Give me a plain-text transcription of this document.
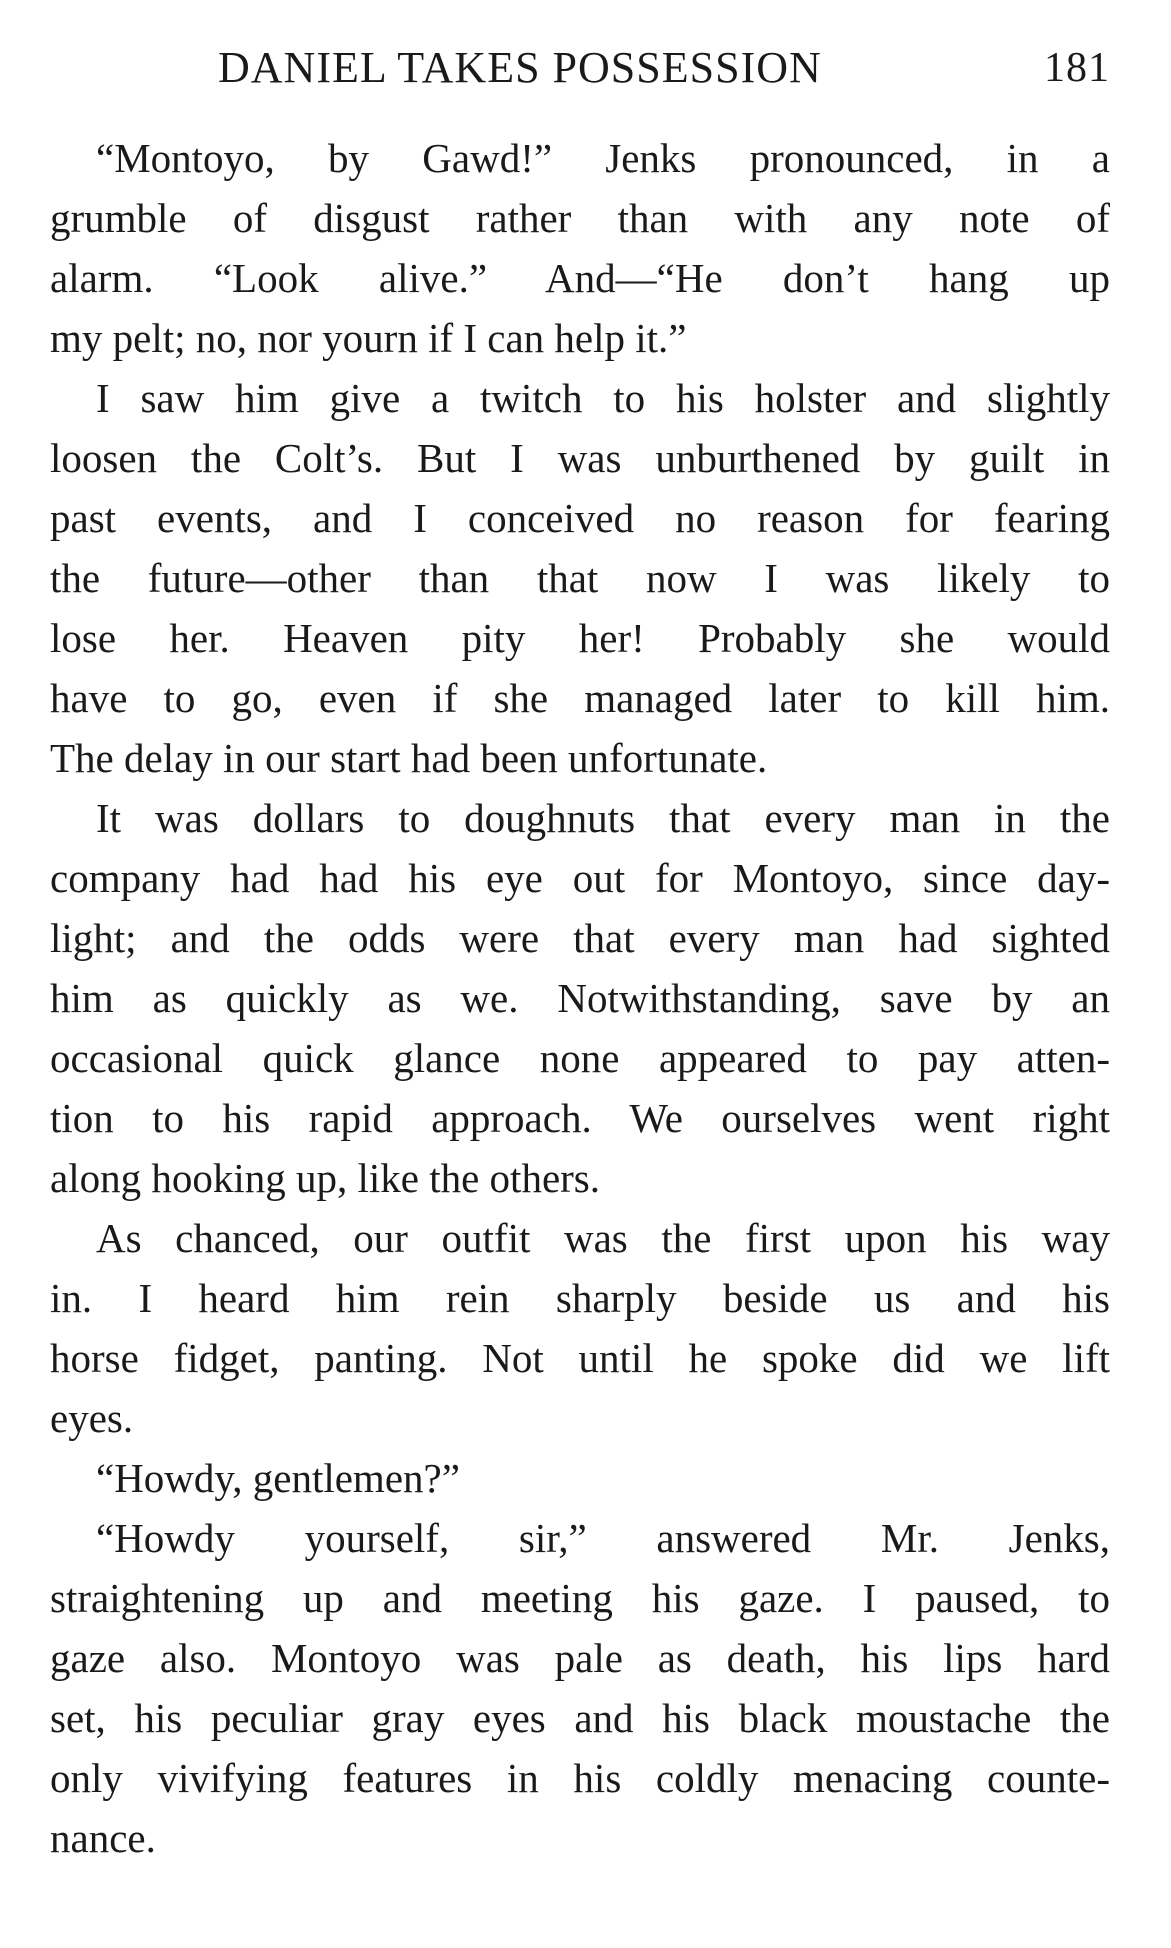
DANIEL TAKES POSSESSION	181
“Montoyo, by Gawd!” Jenks pronounced, in a
grumble of disgust rather than with any note of
alarm. “Look alive.” And—“He don’t hang up
my pelt; no, nor yourn if I can help it.”
I saw him give a twitch to his holster and slightly
loosen the Colt’s. But I was unburthened by guilt in
past events, and I conceived no reason for fearing
the future—other than that now I was likely to
lose her. Heaven pity her! Probably she would
have to go, even if she managed later to kill him.
The delay in our start had been unfortunate.
It was dollars to doughnuts that every man in the
company had had his eye out for Montoyo, since day-
light; and the odds were that every man had sighted
him as quickly as we. Notwithstanding, save by an
occasional quick glance none appeared to pay atten-
tion to his rapid approach. We ourselves went right
along hooking up, like the others.
As chanced, our outfit was the first upon his way
in. I heard him rein sharply beside us and his
horse fidget, panting. Not until he spoke did we lift
eyes.
“Howdy, gentlemen?”
“Howdy yourself, sir,” answered Mr. Jenks,
straightening up and meeting his gaze. I paused, to
gaze also. Montoyo was pale as death, his lips hard
set, his peculiar gray eyes and his black moustache the
only vivifying features in his coldly menacing counte-
nance.
